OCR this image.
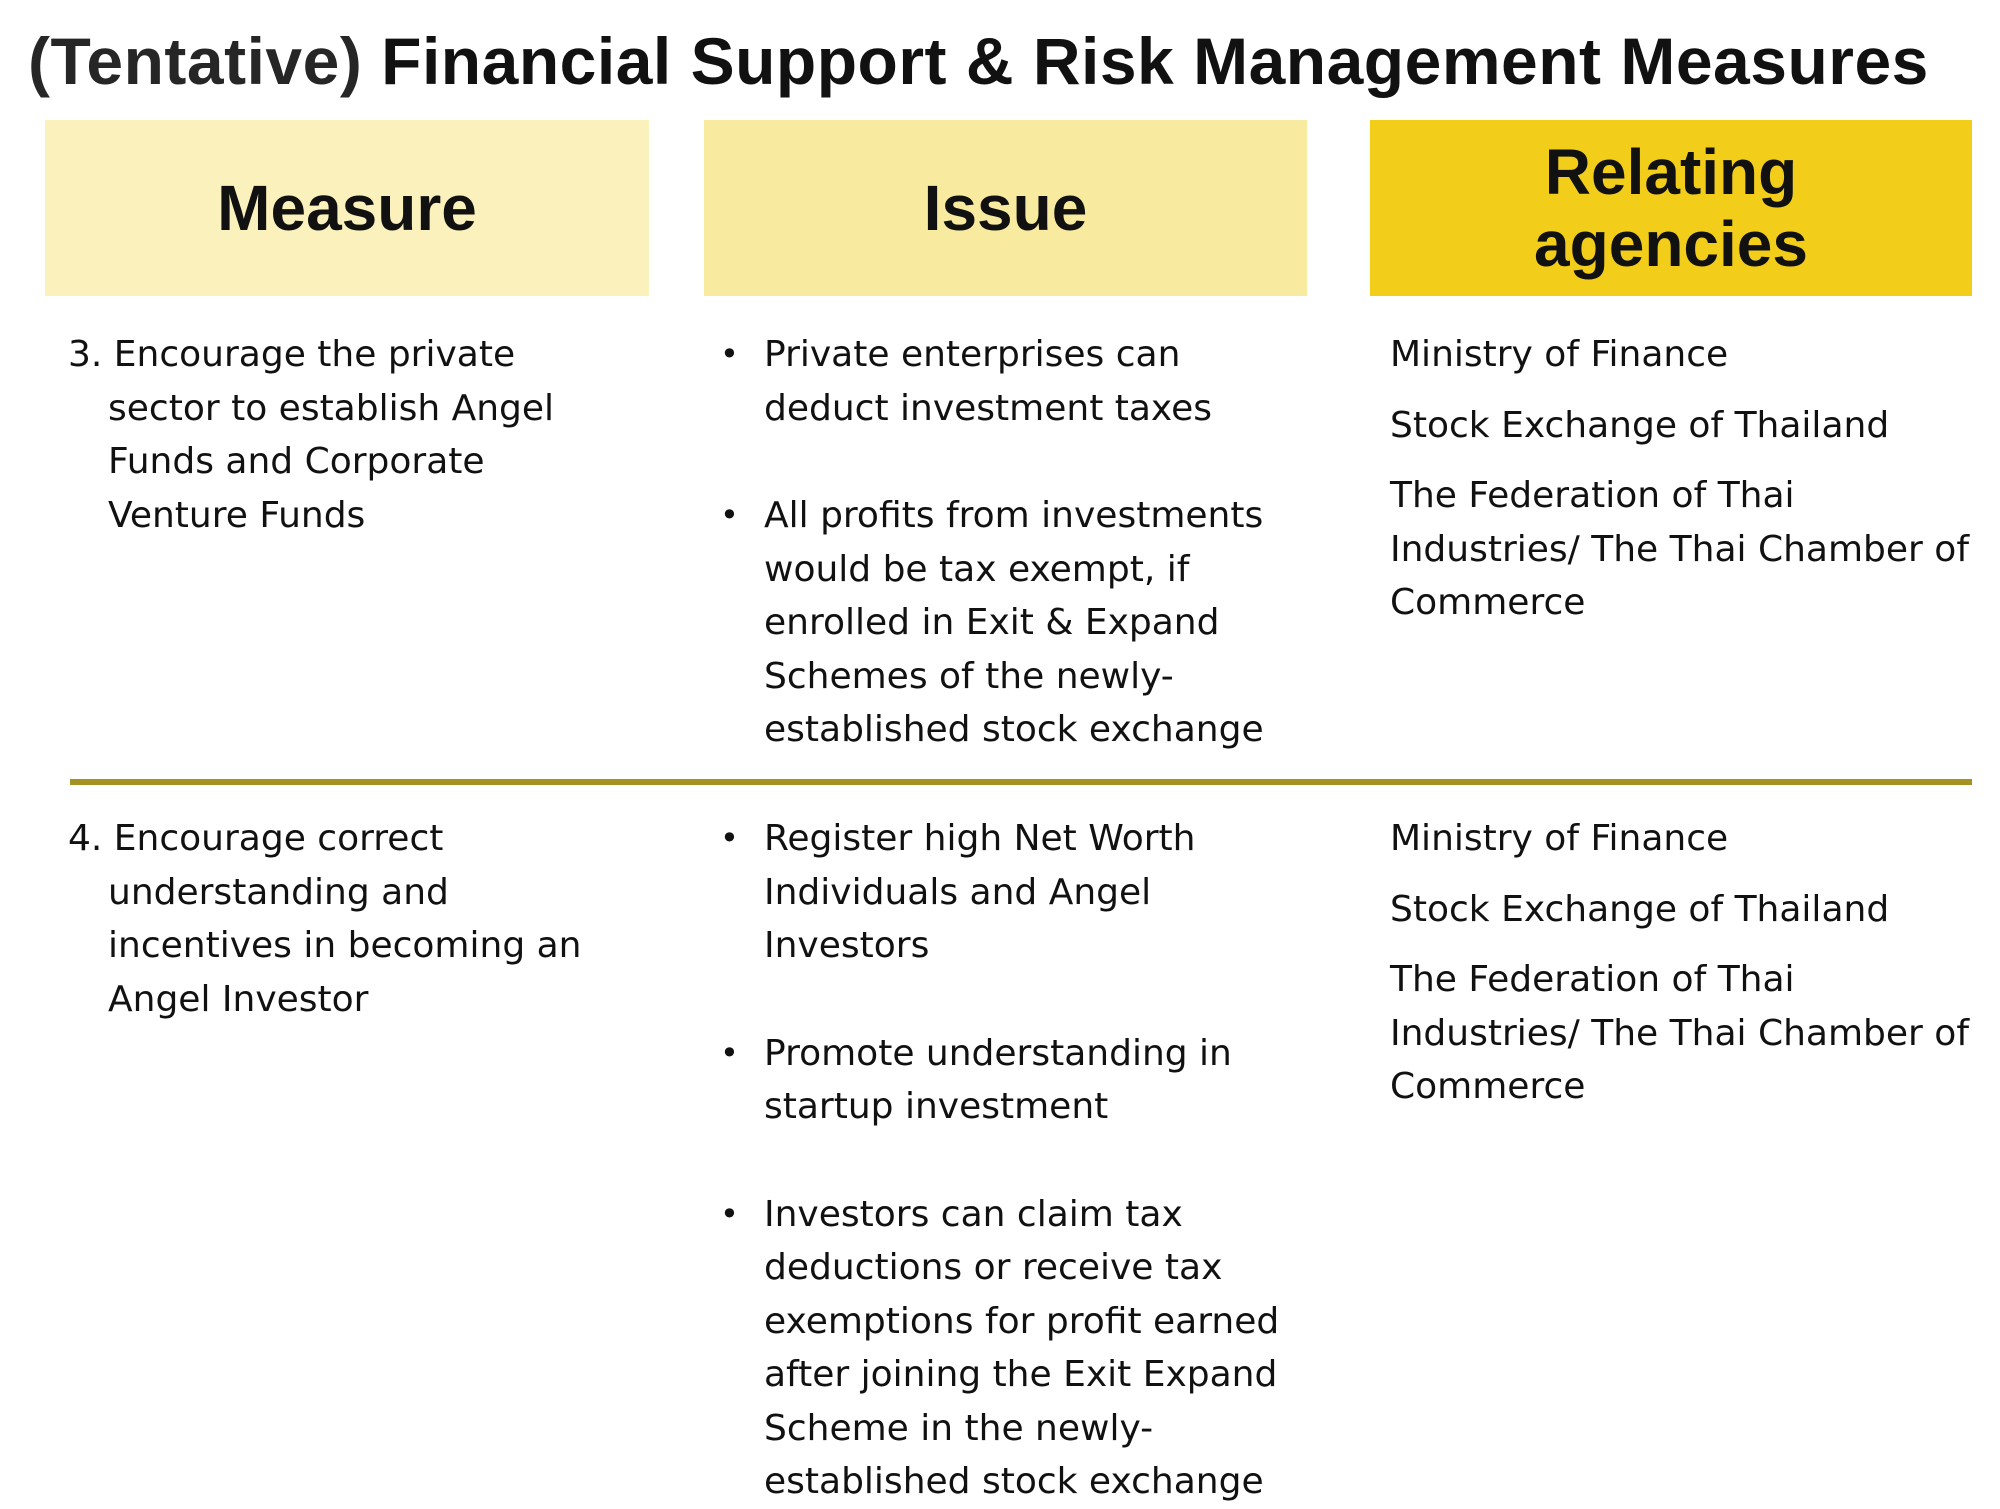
(Tentative) Financial Support & Risk Management Measures
Measure	Issue	Relating
agencies
3. Encourage the private sector to establish Angel Funds and Corporate Venture Funds
• Private enterprises can deduct investment taxes
• All profits from investments would be tax exempt, if enrolled in Exit & Expand Schemes of the newly-established stock exchange
Ministry of Finance
Stock Exchange of Thailand
The Federation of Thai Industries/ The Thai Chamber of Commerce
4. Encourage correct understanding and incentives in becoming an Angel Investor
• Register high Net Worth Individuals and Angel Investors
• Promote understanding in startup investment
• Investors can claim tax deductions or receive tax exemptions for profit earned after joining the Exit Expand Scheme in the newly-established stock exchange
Ministry of Finance
Stock Exchange of Thailand
The Federation of Thai Industries/ The Thai Chamber of Commerce
